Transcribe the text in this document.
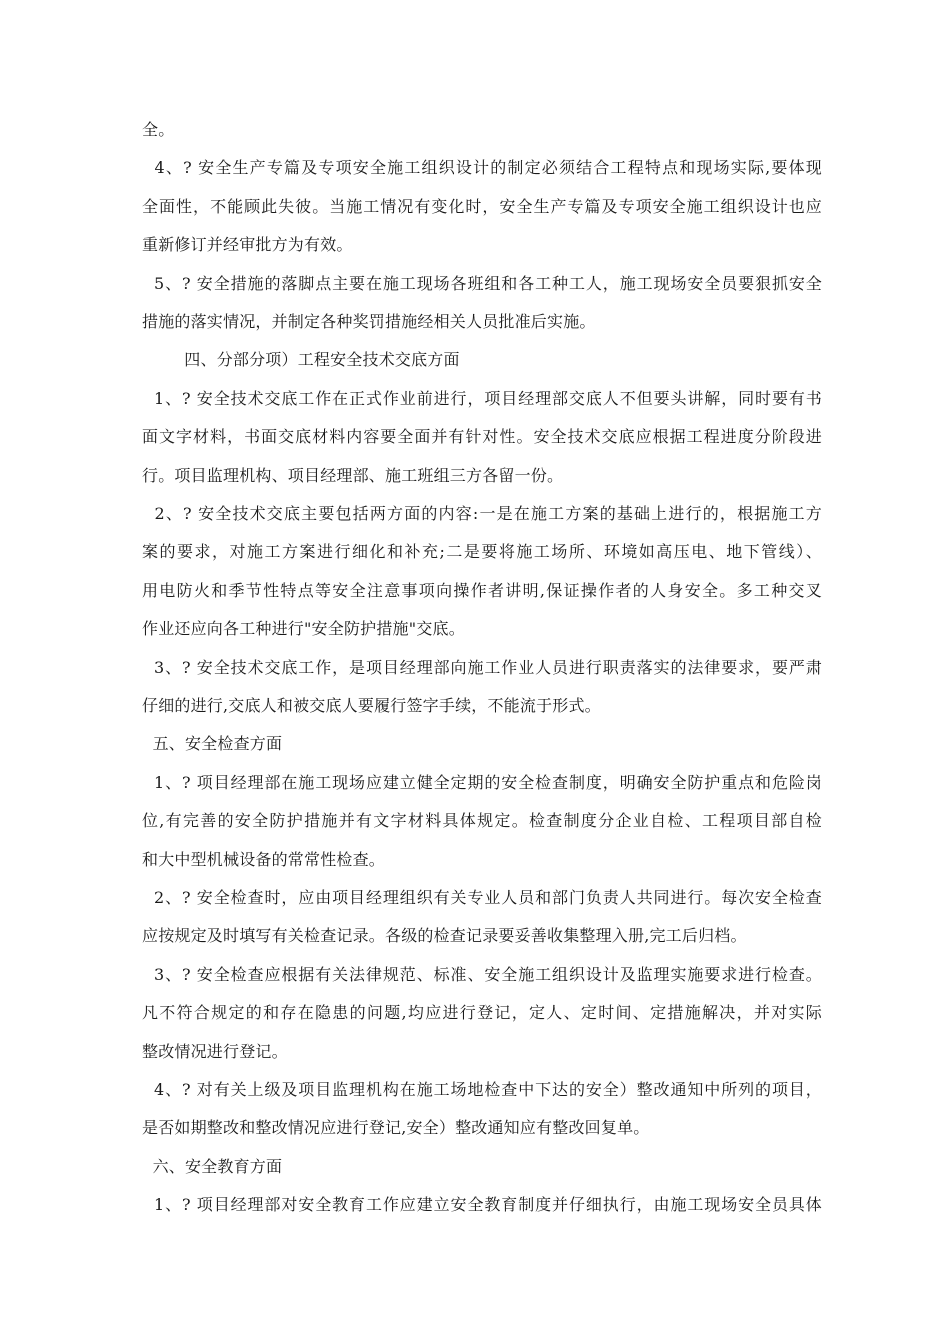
全。
4、? 安全生产专篇及专项安全施工组织设计的制定必须结合工程特点和现场实际,要体现
全面性，不能顾此失彼。当施工情况有变化时，安全生产专篇及专项安全施工组织设计也应
重新修订并经审批方为有效。
5、? 安全措施的落脚点主要在施工现场各班组和各工种工人，施工现场安全员要狠抓安全
措施的落实情况，并制定各种奖罚措施经相关人员批准后实施。
四、分部分项）工程安全技术交底方面
1、? 安全技术交底工作在正式作业前进行，项目经理部交底人不但要头讲解，同时要有书
面文字材料，书面交底材料内容要全面并有针对性。安全技术交底应根据工程进度分阶段进
行。项目监理机构、项目经理部、施工班组三方各留一份。
2、? 安全技术交底主要包括两方面的内容:一是在施工方案的基础上进行的，根据施工方
案的要求，对施工方案进行细化和补充;二是要将施工场所、环境如高压电、地下管线）、
用电防火和季节性特点等安全注意事项向操作者讲明,保证操作者的人身安全。多工种交叉
作业还应向各工种进行"安全防护措施"交底。
3、? 安全技术交底工作，是项目经理部向施工作业人员进行职责落实的法律要求，要严肃
仔细的进行,交底人和被交底人要履行签字手续，不能流于形式。
五、安全检查方面
1、? 项目经理部在施工现场应建立健全定期的安全检查制度，明确安全防护重点和危险岗
位,有完善的安全防护措施并有文字材料具体规定。检查制度分企业自检、工程项目部自检
和大中型机械设备的常常性检查。
2、? 安全检查时，应由项目经理组织有关专业人员和部门负责人共同进行。每次安全检查
应按规定及时填写有关检查记录。各级的检查记录要妥善收集整理入册,完工后归档。
3、? 安全检查应根据有关法律规范、标准、安全施工组织设计及监理实施要求进行检查。
凡不符合规定的和存在隐患的问题,均应进行登记，定人、定时间、定措施解决，并对实际
整改情况进行登记。
4、? 对有关上级及项目监理机构在施工场地检查中下达的安全）整改通知中所列的项目，
是否如期整改和整改情况应进行登记,安全）整改通知应有整改回复单。
六、安全教育方面
1、? 项目经理部对安全教育工作应建立安全教育制度并仔细执行，由施工现场安全员具体
